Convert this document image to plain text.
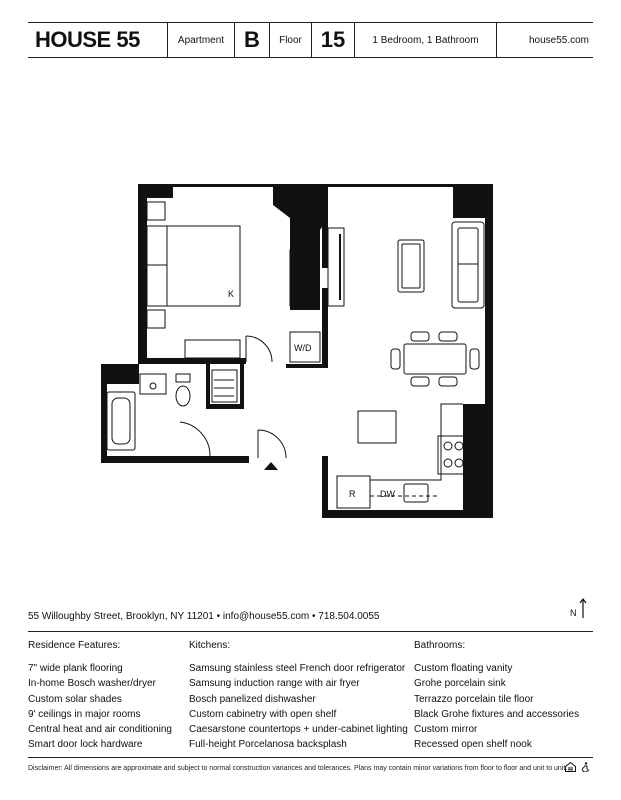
HOUSE 55	Apartment B	Floor 15	1 Bedroom, 1 Bathroom	house55.com
K
W/D
R	DW
55 Willoughby Street, Brooklyn, NY 11201 • info@house55.com • 718.504.0055	N
Residence Features:
7" wide plank flooring
In-home Bosch washer/dryer
Custom solar shades
9' ceilings in major rooms
Central heat and air conditioning
Smart door lock hardware
Kitchens:
Samsung stainless steel French door refrigerator
Samsung induction range with air fryer
Bosch panelized dishwasher
Custom cabinetry with open shelf
Caesarstone countertops + under-cabinet lighting
Full-height Porcelanosa backsplash
Bathrooms:
Custom floating vanity
Grohe porcelain sink
Terrazzo porcelain tile floor
Black Grohe fixtures and accessories
Custom mirror
Recessed open shelf nook
Disclaimer: All dimensions are approximate and subject to normal construction variances and tolerances. Plans may contain minor variations from floor to floor and unit to unit.
